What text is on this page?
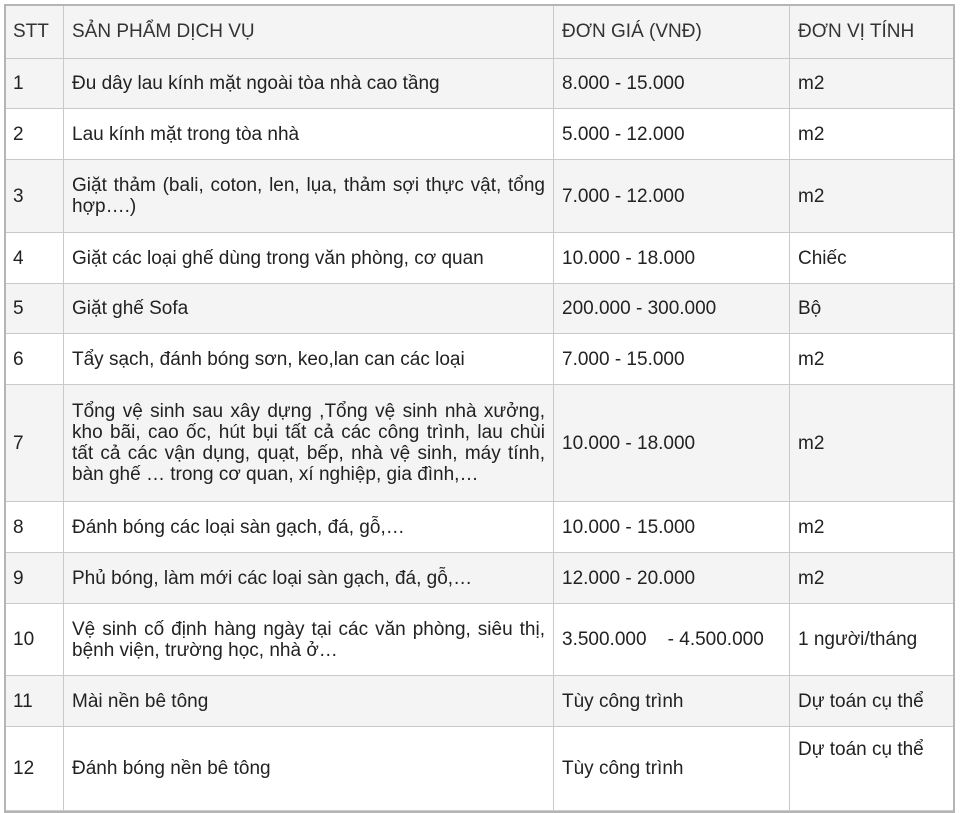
STT	SẢN PHẨM DỊCH VỤ	ĐƠN GIÁ (VNĐ)	ĐƠN VỊ TÍNH
1	Đu dây lau kính mặt ngoài tòa nhà cao tầng	8.000 - 15.000	m2
2	Lau kính mặt trong tòa nhà	5.000 - 12.000	m2
3	Giặt thảm (bali, coton, len, lụa, thảm sợi thực vật, tổng hợp….)	7.000 - 12.000	m2
4	Giặt các loại ghế dùng trong văn phòng, cơ quan	10.000 - 18.000	Chiếc
5	Giặt ghế Sofa	200.000 - 300.000	Bộ
6	Tẩy sạch, đánh bóng sơn, keo,lan can các loại	7.000 - 15.000	m2
7	Tổng vệ sinh sau xây dựng ,Tổng vệ sinh nhà xưởng, kho bãi, cao ốc, hút bụi tất cả các công trình, lau chùi tất cả các vận dụng, quạt, bếp, nhà vệ sinh, máy tính, bàn ghế … trong cơ quan, xí nghiệp, gia đình,…	10.000 - 18.000	m2
8	Đánh bóng các loại sàn gạch, đá, gỗ,…	10.000 - 15.000	m2
9	Phủ bóng, làm mới các loại sàn gạch, đá, gỗ,…	12.000 - 20.000	m2
10	Vệ sinh cố định hàng ngày tại các văn phòng, siêu thị, bệnh viện, trường học, nhà ở…	3.500.000    - 4.500.000	1 người/tháng
11	Mài nền bê tông	Tùy công trình	Dự toán cụ thể
12	Đánh bóng nền bê tông	Tùy công trình	Dự toán cụ thể
